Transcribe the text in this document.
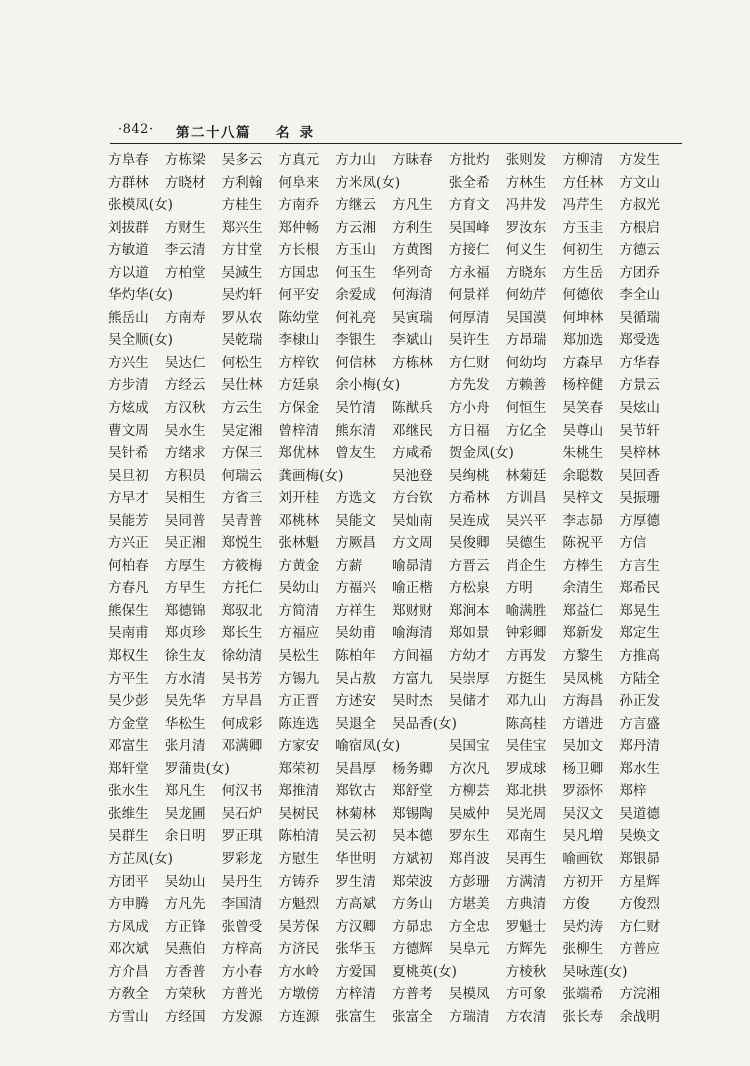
·842· 第二十八篇 名录
方阜春 方栋梁 吴多云 方真元 方力山 方昧春 方批灼 张则发 方柳清 方发生
方群林 方晓材 方利翰 何阜来 方米凤(女)	张全希 方林生 方任林 方文山
张模凤(女)	方桂生 方南乔 方继云 方凡生 方育文 冯井发 冯芹生 方叔光
刘拔群 方财生 郑兴生 郑仲畅 方云湘 方利生 吴国峰 罗汝东 方玉圭 方根启
方敏道 李云清 方甘堂 方长根 方玉山 方黄图 方接仁 何义生 何初生 方德云
方以道 方柏堂 吴減生 方国忠 何玉生 华列奇 方永福 方晓东 方生岳 方团乔
华灼华(女)	吴灼轩 何平安 余爱成 何海清 何景祥 何幼芹 何德依 李全山
熊岳山 方南寿 罗从农 陈幼堂 何礼亮 吴寅瑞 何厚清 吴国漠 何坤林 吴循瑞
吴全顺(女)	吴乾瑞 李棣山 李银生 李斌山 吴许生 方昂瑞 郑加选 郑受选
方兴生 吴达仁 何松生 方梓钦 何信林 方栋林 方仁财 何幼均 方森早 方华春
方步清 方经云 吴仕林 方廷泉 余小梅(女)	方先发 方赖善 杨梓健 方景云
方炫成 方汉秋 方云生 方保金 吴竹清 陈猷兵 方小舟 何恒生 吴笑春 吴炫山
曹文周 吴水生 吴定湘 曾梓清 熊东清 邓继民 方日福 方亿全 吴尊山 吴节轩
吴针希 方绪求 方保三 郑优林 曾友生 方咸希 贺金凤(女)	朱桃生 吴梓林
吴旦初 方积员 何瑞云 龚画梅(女)	吴池登 吴绚桃 林菊廷 余聪数 吴回香
方早才 吴相生 方省三 刘开桂 方选文 方台钦 方希林 方训昌 吴梓文 吴振珊
吴能芳 吴同普 吴青普 邓桃林 吴能文 吴灿南 吴连成 吴兴平 李志昴 方厚德
方兴正 吴正湘 郑悦生 张林魁 方厥昌 方文周 吴俊卿 吴德生 陈祝平 方信
何柏春 方厚生 方筱梅 方黄金 方薪 喻昴清 方晋云 肖企生 方棒生 方言生
方春凡 方早生 方托仁 吴幼山 方福兴 喻正楷 方松泉 方明 余清生 郑希民
熊保生 郑德锦 郑驭北 方简清 方祥生 郑财财 郑涧本 喻满胜 郑益仁 郑晃生
吴南甫 郑贞珍 郑长生 方福应 吴幼甫 喻海清 郑如景 钟彩卿 郑新发 郑定生
郑权生 徐生友 徐幼清 吴松生 陈柏年 方间福 方幼才 方再发 方黎生 方推高
方平生 方水清 吴书芳 方锡九 吴占敖 方富九 吴崇厚 方挺生 吴凤桃 方陆全
吴少彭 吴先华 方早昌 方正晋 方述安 吴时杰 吴储才 邓九山 方海昌 孙正发
方金堂 华松生 何成彩 陈连选 吴退全 吴品香(女)	陈高桂 方谱进 方言盛
邓富生 张月清 邓满卿 方家安 喻宿凤(女)	吴国宝 吴佳宝 吴加文 郑丹清
郑轩堂 罗蒲贵(女)	郑荣初 吴昌厚 杨务卿 方次凡 罗成球 杨卫卿 郑水生
张水生 郑凡生 何汉书 郑推清 郑钦古 郑舒堂 方柳芸 郑北拱 罗添怀 郑梓
张维生 吴龙圃 吴石炉 吴树民 林菊林 郑锡陶 吴威仲 吴光周 吴汉文 吴道德
吴群生 余日明 罗正琪 陈柏清 吴云初 吴本德 罗东生 邓南生 吴凡増 吴焕文
方芷凤(女)	罗彩龙 方慰生 华世明 方斌初 郑肖波 吴再生 喻画钦 郑银昴
方团平 吴幼山 吴丹生 方铸乔 罗生清 郑荣波 方彭珊 方满清 方初开 方星辉
方申腾 方凡先 李国清 方魁烈 方高斌 方务山 方堪美 方典清 方俊 方俊烈
方凤成 方正锋 张曾受 吴芳保 方汉卿 方昴忠 方全忠 罗魁士 吴灼涛 方仁财
邓次斌 吴燕伯 方梓高 方济民 张华玉 方德辉 吴阜元 方辉先 张柳生 方普应
方介昌 方香普 方小春 方水岭 方爱国 夏桃英(女)	方棱秋 吴咏莲(女)
方敎全 方荣秋 方普光 方墩傍 方梓清 方普考 吴模凤 方可象 张端希 方浣湘
方雪山 方经国 方发源 方连源 张富生 张富全 方瑞清 方农清 张长寿 余战明
